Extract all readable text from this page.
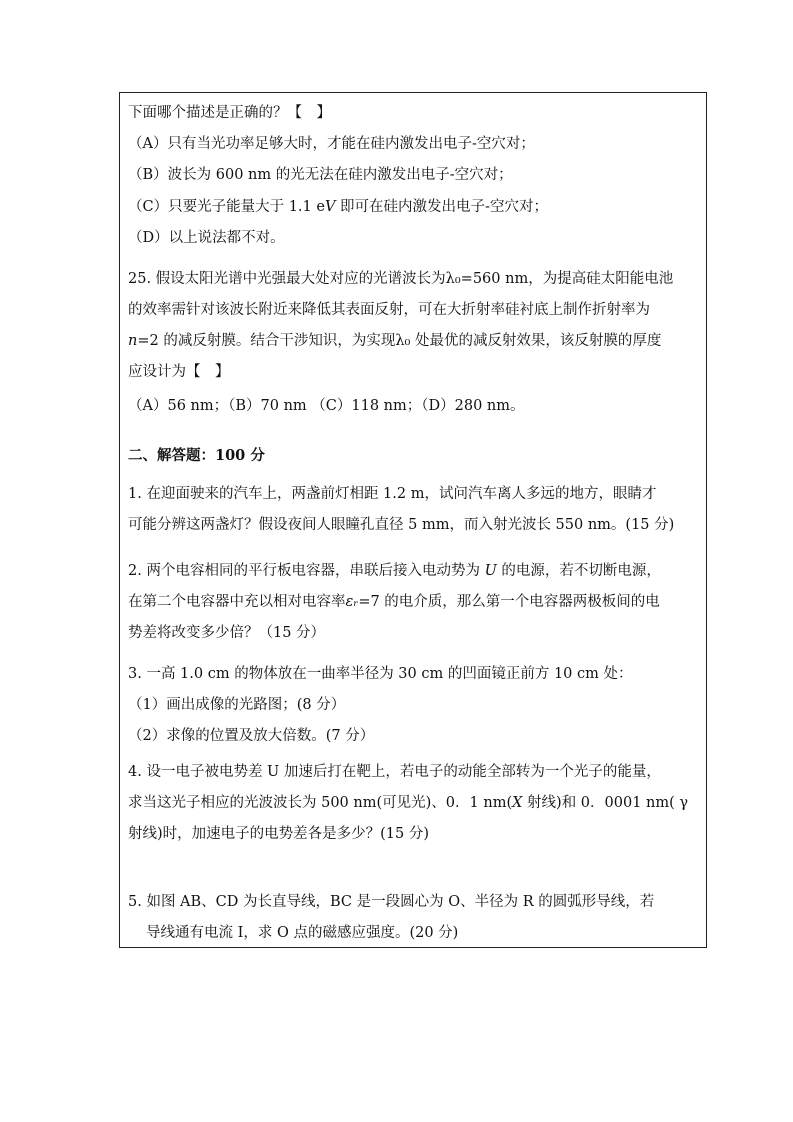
下面哪个描述是正确的？【　】
（A）只有当光功率足够大时，才能在硅内激发出电子-空穴对；
（B）波长为 600 nm 的光无法在硅内激发出电子-空穴对；
（C）只要光子能量大于 1.1 eV 即可在硅内激发出电子-空穴对；
（D）以上说法都不对。
25. 假设太阳光谱中光强最大处对应的光谱波长为λ₀=560 nm，为提高硅太阳能电池
的效率需针对该波长附近来降低其表面反射，可在大折射率硅衬底上制作折射率为
n=2 的减反射膜。结合干涉知识，为实现λ₀ 处最优的减反射效果，该反射膜的厚度
应设计为【　】
（A）56 nm；（B）70 nm （C）118 nm；（D）280 nm。
二、解答题：100 分
1. 在迎面驶来的汽车上，两盏前灯相距 1.2 m，试问汽车离人多远的地方，眼睛才
可能分辨这两盏灯？假设夜间人眼瞳孔直径 5 mm，而入射光波长 550 nm。(15 分)
2. 两个电容相同的平行板电容器，串联后接入电动势为 U 的电源，若不切断电源，
在第二个电容器中充以相对电容率εᵣ=7 的电介质，那么第一个电容器两极板间的电
势差将改变多少倍？（15 分）
3. 一高 1.0 cm 的物体放在一曲率半径为 30 cm 的凹面镜正前方 10 cm 处：
（1）画出成像的光路图；(8 分）
（2）求像的位置及放大倍数。(7 分）
4. 设一电子被电势差 U 加速后打在靶上，若电子的动能全部转为一个光子的能量，
求当这光子相应的光波波长为 500 nm(可见光)、0．1 nm(X 射线)和 0．0001 nm( γ
射线)时，加速电子的电势差各是多少？(15 分)
5. 如图 AB、CD 为长直导线，BC 是一段圆心为 O、半径为 R 的圆弧形导线，若
导线通有电流 I，求 O 点的磁感应强度。(20 分)
